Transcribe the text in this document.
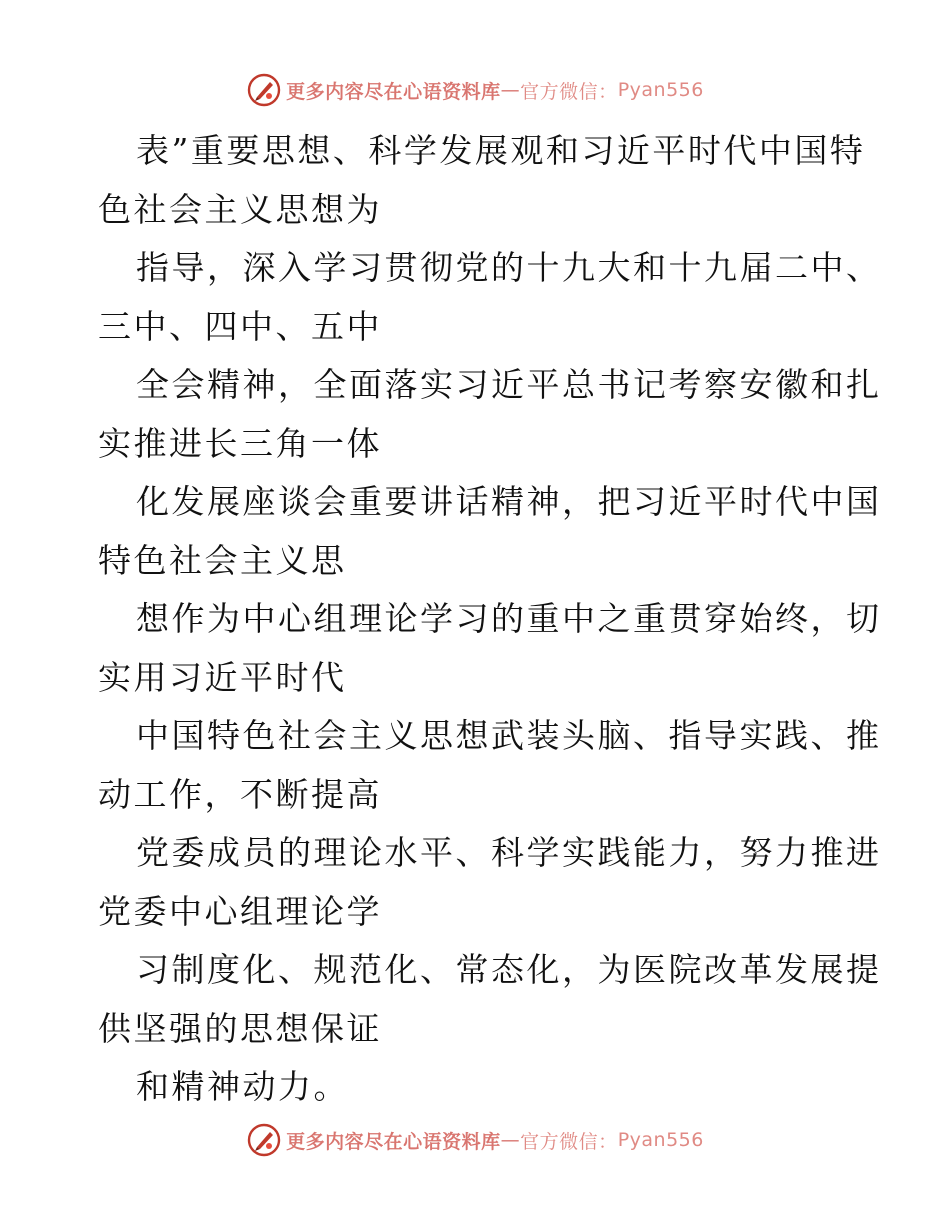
更多内容尽在心语资料库 — 官方微信： Pyan556

表”重要思想、科学发展观和习近平时代中国特
色社会主义思想为

指导，深入学习贯彻党的十九大和十九届二中、
三中、四中、五中

全会精神，全面落实习近平总书记考察安徽和扎
实推进长三角一体

化发展座谈会重要讲话精神，把习近平时代中国
特色社会主义思

想作为中心组理论学习的重中之重贯穿始终，切
实用习近平时代

中国特色社会主义思想武装头脑、指导实践、推
动工作，不断提高

党委成员的理论水平、科学实践能力，努力推进
党委中心组理论学

习制度化、规范化、常态化，为医院改革发展提
供坚强的思想保证

和精神动力。

更多内容尽在心语资料库 — 官方微信： Pyan556
